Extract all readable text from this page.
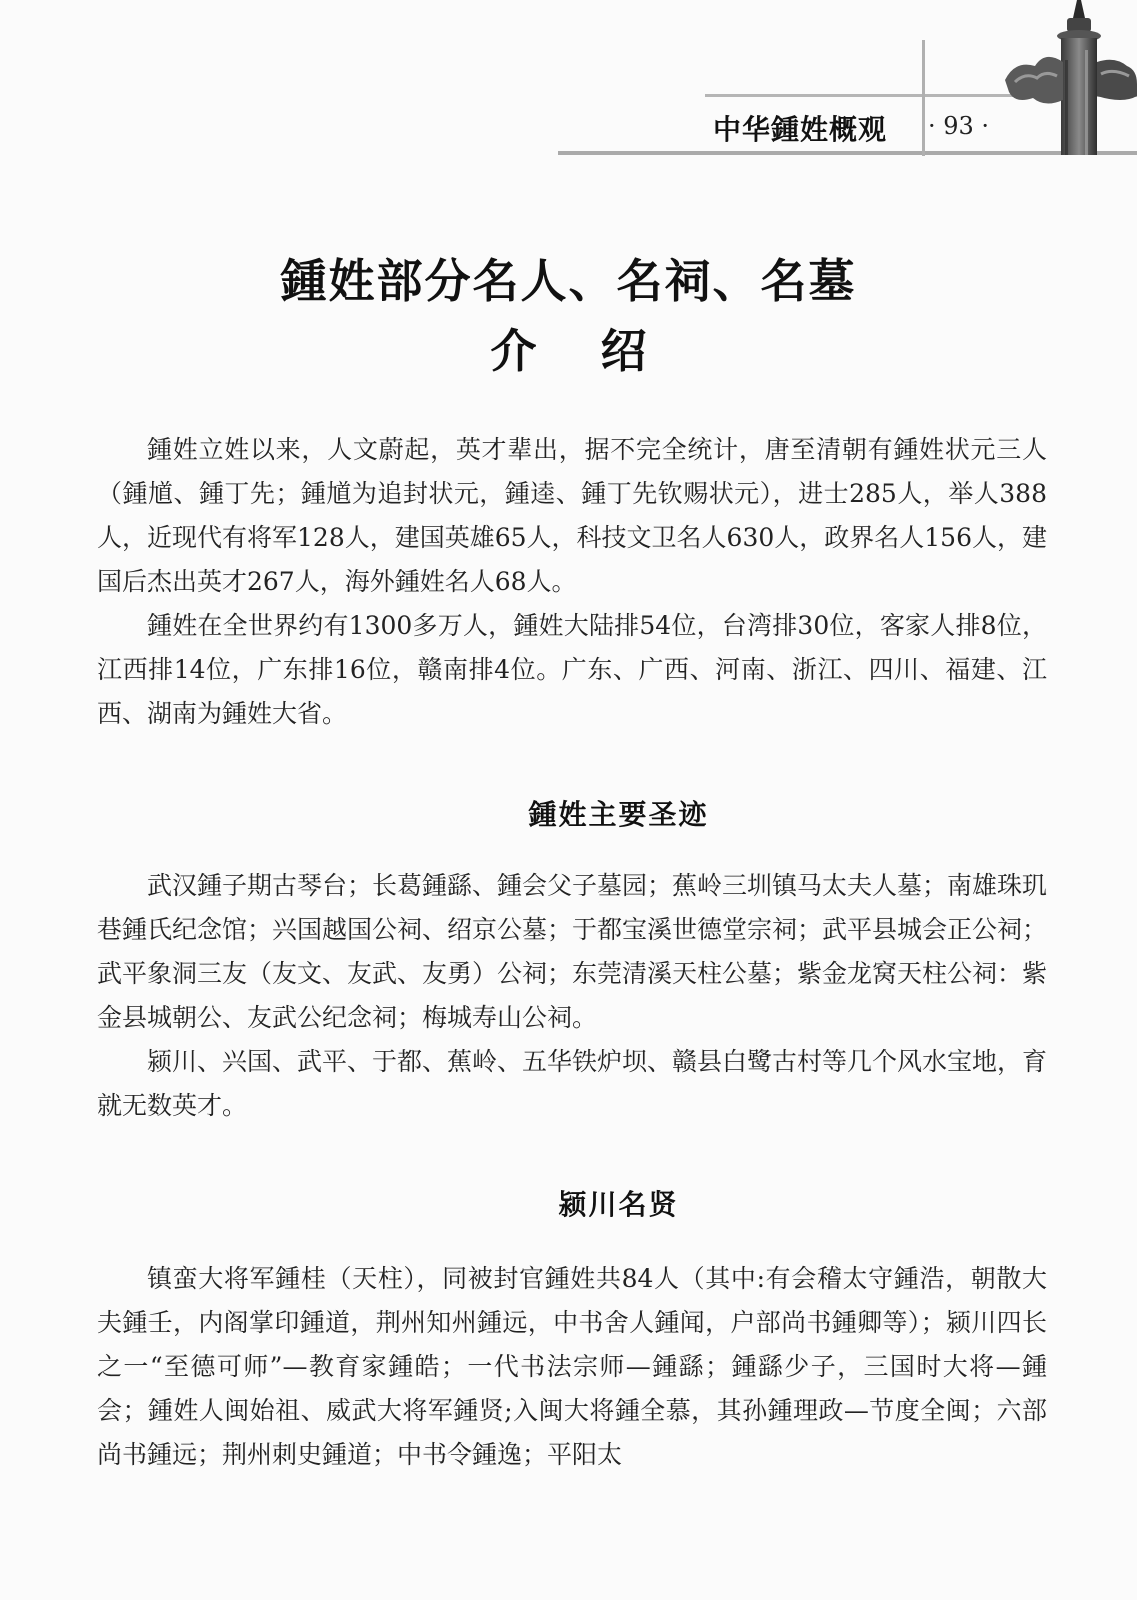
中华鍾姓概观 · 93 ·
鍾姓部分名人、名祠、名墓
介 绍

鍾姓立姓以来，人文蔚起，英才辈出，据不完全统计，唐至清朝有鍾姓状元三人（鍾馗、鍾丁先；鍾馗为追封状元，鍾逵、鍾丁先钦赐状元），进士285人，举人388人，近现代有将军128人，建国英雄65人，科技文卫名人630人，政界名人156人，建国后杰出英才267人，海外鍾姓名人68人。

鍾姓在全世界约有1300多万人，鍾姓大陆排54位，台湾排30位，客家人排8位，江西排14位，广东排16位，赣南排4位。广东、广西、河南、浙江、四川、福建、江西、湖南为鍾姓大省。

鍾姓主要圣迹

武汉鍾子期古琴台；长葛鍾繇、鍾会父子墓园；蕉岭三圳镇马太夫人墓；南雄珠玑巷鍾氏纪念馆；兴国越国公祠、绍京公墓；于都宝溪世德堂宗祠；武平县城会正公祠；武平象洞三友（友文、友武、友勇）公祠；东莞清溪天柱公墓；紫金龙窝天柱公祠：紫金县城朝公、友武公纪念祠；梅城寿山公祠。

颍川、兴国、武平、于都、蕉岭、五华铁炉坝、赣县白鹭古村等几个风水宝地，育就无数英才。

颍川名贤

镇蛮大将军鍾桂（天柱），同被封官鍾姓共84人（其中:有会稽太守鍾浩，朝散大夫鍾壬，内阁掌印鍾道，荆州知州鍾远，中书舍人鍾闻，户部尚书鍾卿等）；颍川四长之一“至德可师”—教育家鍾皓；一代书法宗师—鍾繇；鍾繇少子，三国时大将—鍾会；鍾姓人闽始祖、威武大将军鍾贤;入闽大将鍾全慕，其孙鍾理政—节度全闽；六部尚书鍾远；荆州刺史鍾道；中书令鍾逸；平阳太
